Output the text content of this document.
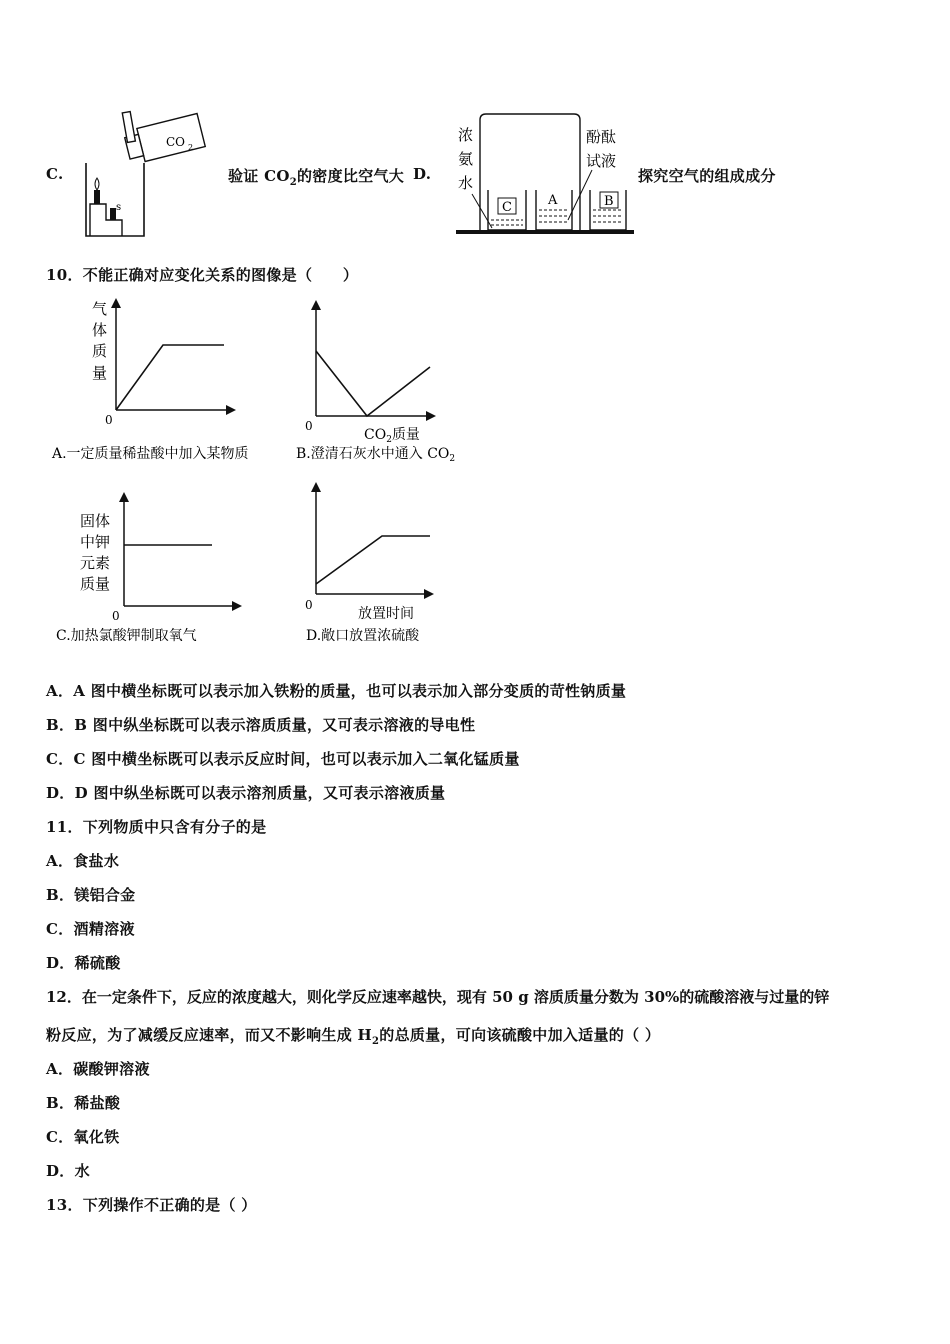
C.
CO 2
s
验证 $CO_2$的密度比空气大 D.
浓
氨
水
酚酞
试液
C	A	B
探究空气的组成成分
10．不能正确对应变化关系的图像是（　　）
气
体
质
量
0
A.一定质量稀盐酸中加入某物质
0
$CO_2$质量
B.澄清石灰水中通入 $CO_2$
固体
中钾
元素
质量
0
C.加热氯酸钾制取氧气
0
放置时间
D.敞口放置浓硫酸
A．A 图中横坐标既可以表示加入铁粉的质量，也可以表示加入部分变质的苛性钠质量
B．B 图中纵坐标既可以表示溶质质量，又可表示溶液的导电性
C．C 图中横坐标既可以表示反应时间，也可以表示加入二氧化锰质量
D．D 图中纵坐标既可以表示溶剂质量，又可表示溶液质量
11．下列物质中只含有分子的是
A．食盐水
B．镁铝合金
C．酒精溶液
D．稀硫酸
12．在一定条件下，反应的浓度越大，则化学反应速率越快，现有 50 g 溶质质量分数为 30%的硫酸溶液与过量的锌
粉反应，为了减缓反应速率，而又不影响生成 $H_2$的总质量，可向该硫酸中加入适量的（ ）
A．碳酸钾溶液
B．稀盐酸
C．氧化铁
D．水
13．下列操作不正确的是（ ）
